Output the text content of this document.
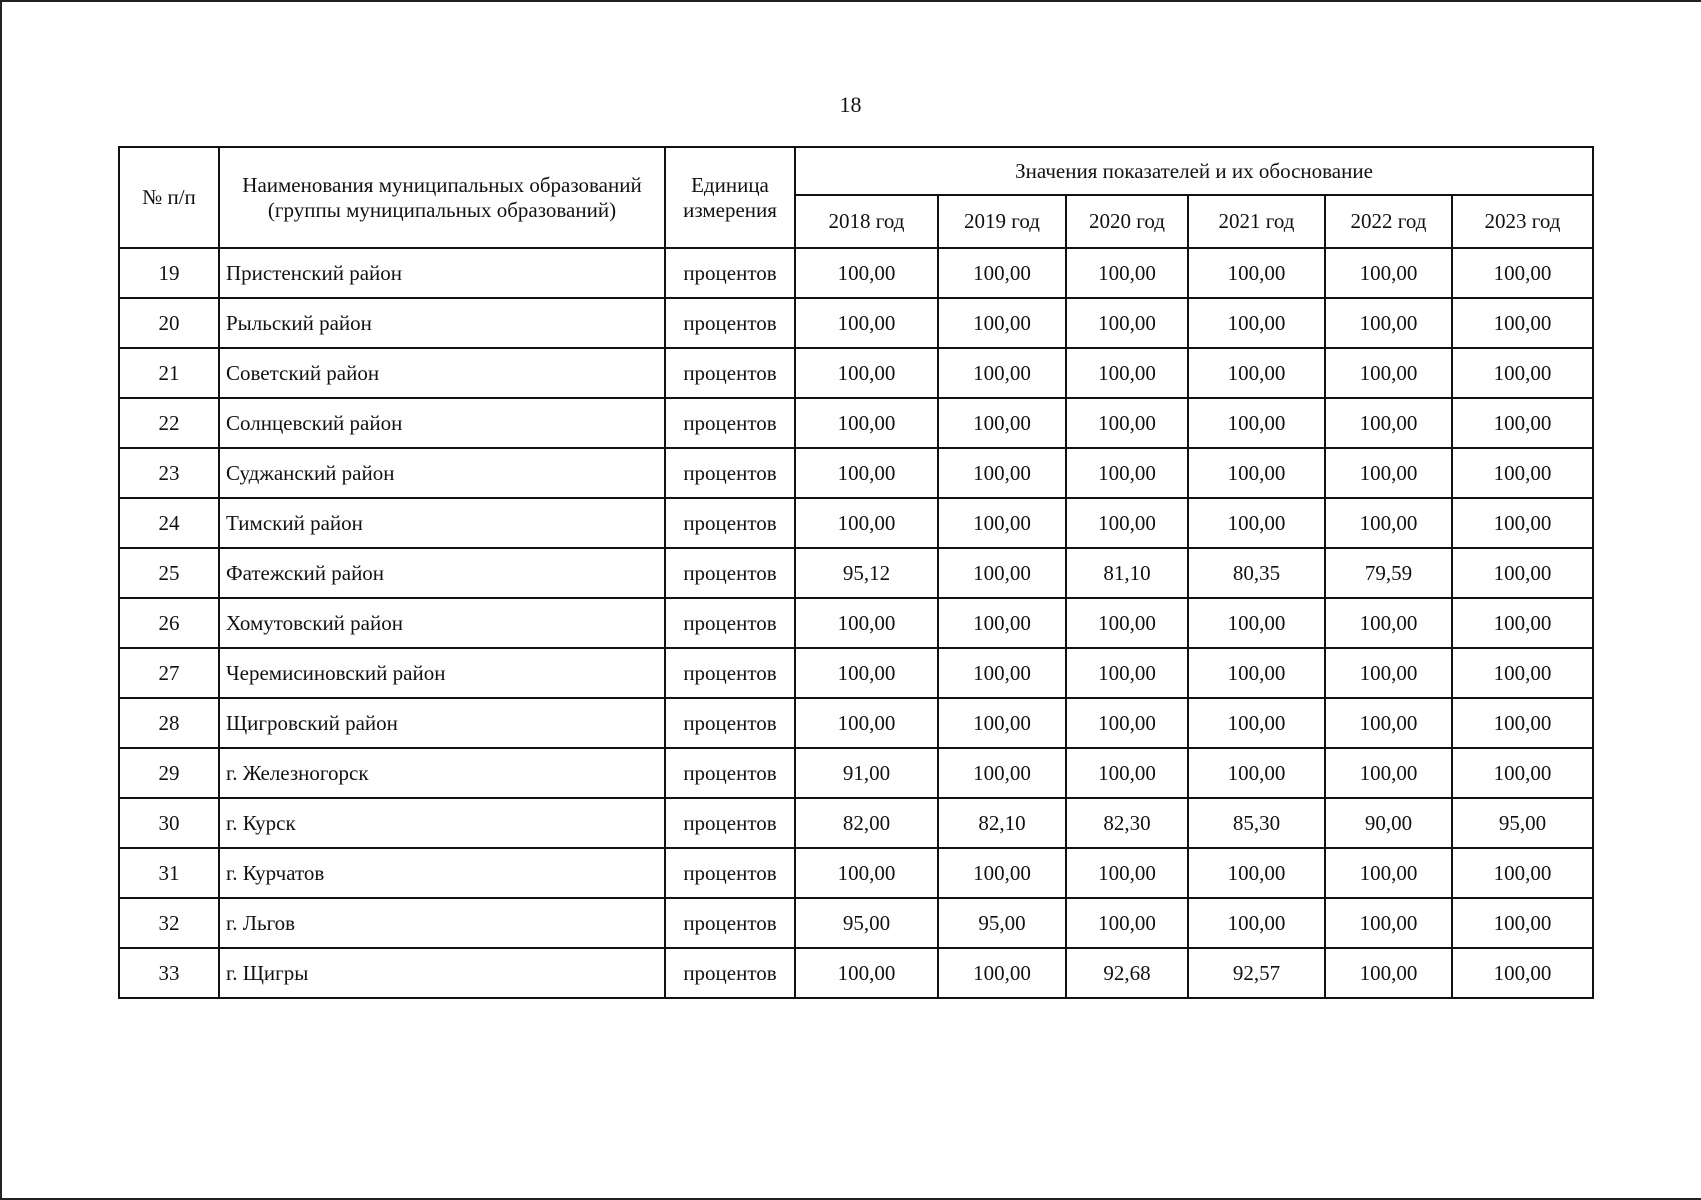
18
№ п/п	Наименования муниципальных образований (группы муниципальных образований)	Единица измерения	Значения показателей и их обоснование					
			2018 год	2019 год	2020 год	2021 год	2022 год	2023 год
19	Пристенский район	процентов	100,00	100,00	100,00	100,00	100,00	100,00
20	Рыльский район	процентов	100,00	100,00	100,00	100,00	100,00	100,00
21	Советский район	процентов	100,00	100,00	100,00	100,00	100,00	100,00
22	Солнцевский район	процентов	100,00	100,00	100,00	100,00	100,00	100,00
23	Суджанский район	процентов	100,00	100,00	100,00	100,00	100,00	100,00
24	Тимский район	процентов	100,00	100,00	100,00	100,00	100,00	100,00
25	Фатежский район	процентов	95,12	100,00	81,10	80,35	79,59	100,00
26	Хомутовский район	процентов	100,00	100,00	100,00	100,00	100,00	100,00
27	Черемисиновский район	процентов	100,00	100,00	100,00	100,00	100,00	100,00
28	Щигровский район	процентов	100,00	100,00	100,00	100,00	100,00	100,00
29	г. Железногорск	процентов	91,00	100,00	100,00	100,00	100,00	100,00
30	г. Курск	процентов	82,00	82,10	82,30	85,30	90,00	95,00
31	г. Курчатов	процентов	100,00	100,00	100,00	100,00	100,00	100,00
32	г. Льгов	процентов	95,00	95,00	100,00	100,00	100,00	100,00
33	г. Щигры	процентов	100,00	100,00	92,68	92,57	100,00	100,00
